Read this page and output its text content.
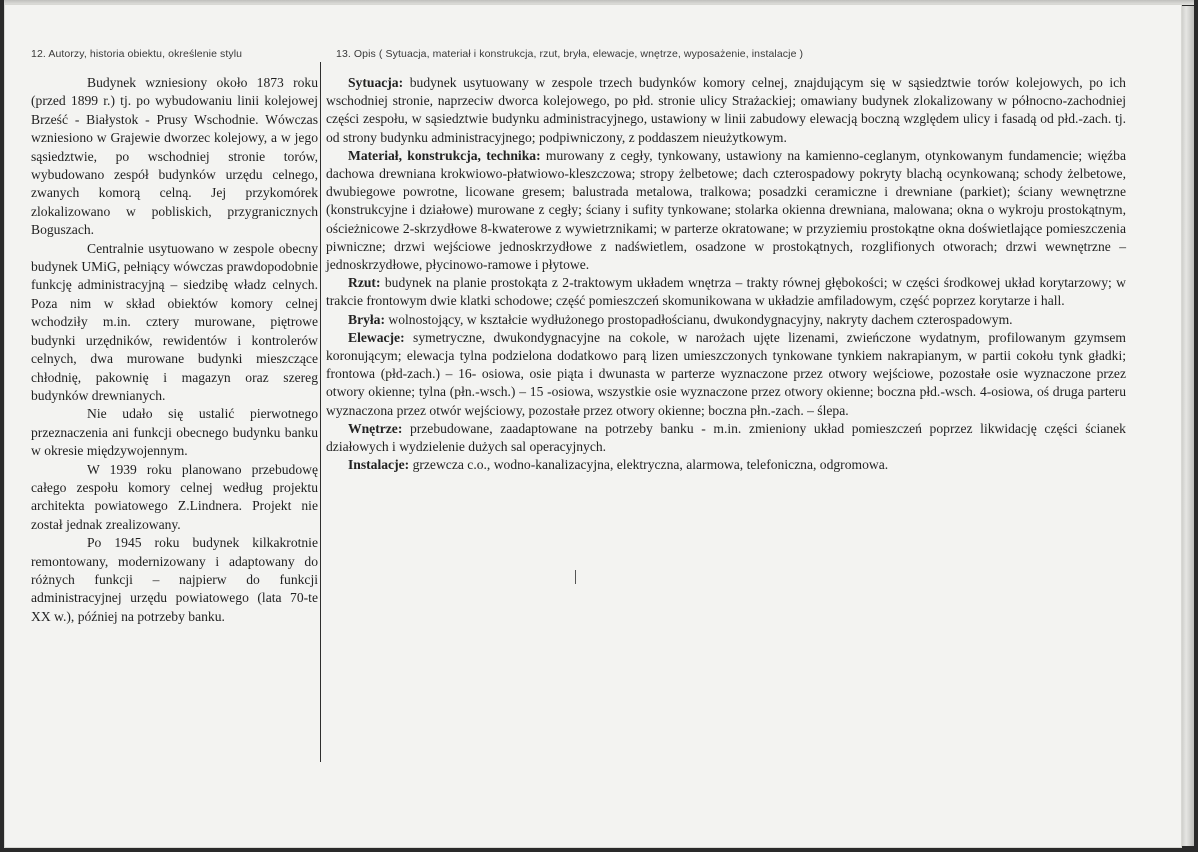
12. Autorzy, historia obiektu, określenie stylu	13. Opis ( Sytuacja, materiał i konstrukcja, rzut, bryła, elewacje, wnętrze, wyposażenie, instalacje )

Budynek wzniesiony około 1873 roku (przed 1899 r.) tj. po wybudowaniu linii kolejowej Brześć - Białystok - Prusy Wschodnie. Wówczas wzniesiono w Grajewie dworzec kolejowy, a w jego sąsiedztwie, po wschodniej stronie torów, wybudowano zespół budynków urzędu celnego, zwanych komorą celną. Jej przykomórek zlokalizowano w pobliskich, przygranicznych Boguszach.

Centralnie usytuowano w zespole obecny budynek UMiG, pełniący wówczas prawdopodobnie funkcję administracyjną – siedzibę władz celnych. Poza nim w skład obiektów komory celnej wchodziły m.in. cztery murowane, piętrowe budynki urzędników, rewidentów i kontrolerów celnych, dwa murowane budynki mieszczące chłodnię, pakownię i magazyn oraz szereg budynków drewnianych.

Nie udało się ustalić pierwotnego przeznaczenia ani funkcji obecnego budynku banku w okresie międzywojennym.

W 1939 roku planowano przebudowę całego zespołu komory celnej według projektu architekta powiatowego Z.Lindnera. Projekt nie został jednak zrealizowany.

Po 1945 roku budynek kilkakrotnie remontowany, modernizowany i adaptowany do różnych funkcji – najpierw do funkcji administracyjnej urzędu powiatowego (lata 70-te XX w.), później na potrzeby banku.

Sytuacja: budynek usytuowany w zespole trzech budynków komory celnej, znajdującym się w sąsiedztwie torów kolejowych, po ich wschodniej stronie, naprzeciw dworca kolejowego, po płd. stronie ulicy Strażackiej; omawiany budynek zlokalizowany w północno-zachodniej części zespołu, w sąsiedztwie budynku administracyjnego, ustawiony w linii zabudowy elewacją boczną względem ulicy i fasadą od płd.-zach. tj. od strony budynku administracyjnego; podpiwniczony, z poddaszem nieużytkowym.

Materiał, konstrukcja, technika: murowany z cegły, tynkowany, ustawiony na kamienno-ceglanym, otynkowanym fundamencie; więźba dachowa drewniana krokwiowo-płatwiowo-kleszczowa; stropy żelbetowe; dach czterospadowy pokryty blachą ocynkowaną; schody żelbetowe, dwubiegowe powrotne, licowane gresem; balustrada metalowa, tralkowa; posadzki ceramiczne i drewniane (parkiet); ściany wewnętrzne (konstrukcyjne i działowe) murowane z cegły; ściany i sufity tynkowane; stolarka okienna drewniana, malowana; okna o wykroju prostokątnym, ościeżnicowe 2-skrzydłowe 8-kwaterowe z wywietrznikami; w parterze okratowane; w przyziemiu prostokątne okna doświetlające pomieszczenia piwniczne; drzwi wejściowe jednoskrzydłowe z nadświetlem, osadzone w prostokątnych, rozglifionych otworach; drzwi wewnętrzne – jednoskrzydłowe, płycinowo-ramowe i płytowe.

Rzut: budynek na planie prostokąta z 2-traktowym układem wnętrza – trakty równej głębokości; w części środkowej układ korytarzowy; w trakcie frontowym dwie klatki schodowe; część pomieszczeń skomunikowana w układzie amfiladowym, część poprzez korytarze i hall.

Bryła: wolnostojący, w kształcie wydłużonego prostopadłościanu, dwukondygnacyjny, nakryty dachem czterospadowym.

Elewacje: symetryczne, dwukondygnacyjne na cokole, w narożach ujęte lizenami, zwieńczone wydatnym, profilowanym gzymsem koronującym; elewacja tylna podzielona dodatkowo parą lizen umieszczonych tynkowane tynkiem nakrapianym, w partii cokołu tynk gładki; frontowa (płd-zach.) – 16- osiowa, osie piąta i dwunasta w parterze wyznaczone przez otwory wejściowe, pozostałe osie wyznaczone przez otwory okienne; tylna (płn.-wsch.) – 15 -osiowa, wszystkie osie wyznaczone przez otwory okienne; boczna płd.-wsch. 4-osiowa, oś druga parteru wyznaczona przez otwór wejściowy, pozostałe przez otwory okienne; boczna płn.-zach. – ślepa.

Wnętrze: przebudowane, zaadaptowane na potrzeby banku - m.in. zmieniony układ pomieszczeń poprzez likwidację części ścianek działowych i wydzielenie dużych sal operacyjnych.

Instalacje: grzewcza c.o., wodno-kanalizacyjna, elektryczna, alarmowa, telefoniczna, odgromowa.
